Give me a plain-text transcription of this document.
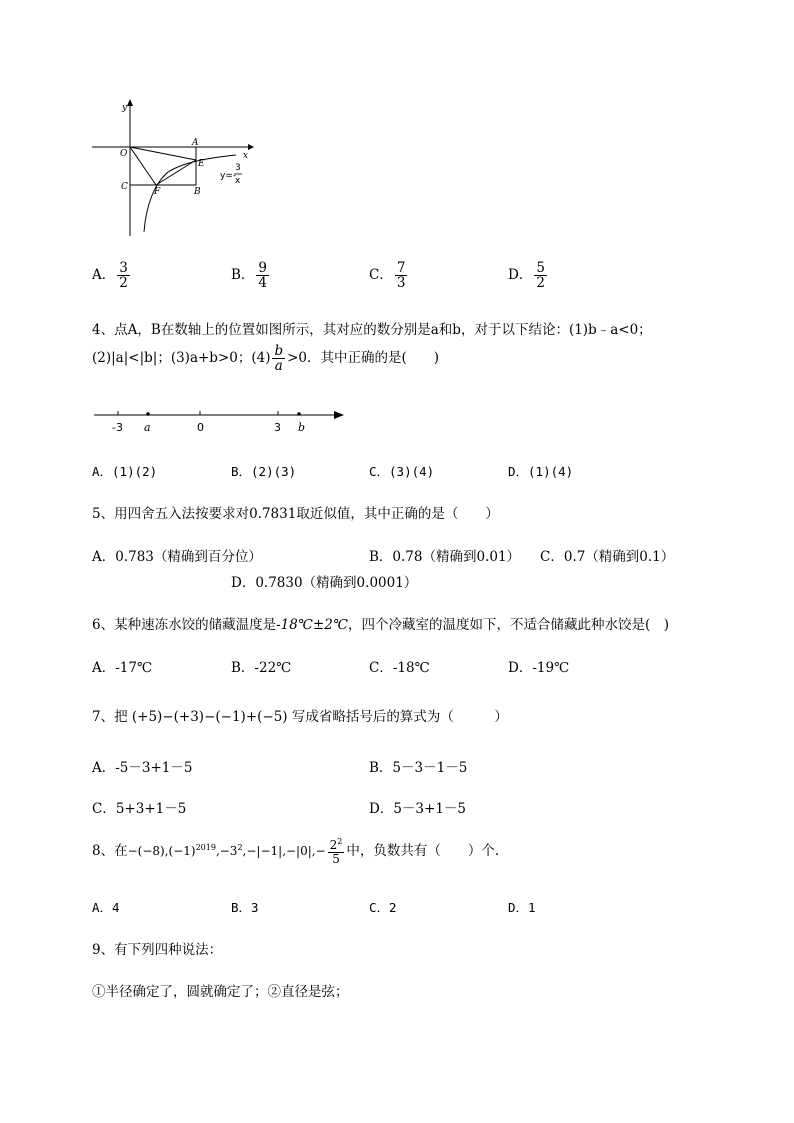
y
x
O
A
E
C	F	B
y=-
3
x
A． $\frac{3}{2}$	B． $\frac{9}{4}$	C． $\frac{7}{3}$	D． $\frac{5}{2}$
4、点A，B在数轴上的位置如图所示，其对应的数分别是a和b，对于以下结论：(1)b﹣a<0；
(2)|a|<|b|；(3)a+b>0；$(4) \frac{b}{a} >0$．其中正确的是(　　)
-3 a	0	3 b
A．(1)(2)	B．(2)(3)	C．(3)(4)	D．(1)(4)
5、用四舍五入法按要求对0.7831取近似值，其中正确的是（　　）
A．0.783（精确到百分位）	B．0.78（精确到0.01） C．0.7（精确到0.1）
D．0.7830（精确到0.0001）
6、某种速冻水饺的储藏温度是-18℃±2℃，四个冷藏室的温度如下，不适合储藏此种水饺是(　)
A．-17℃	B．-22℃	C．-18℃	D．-19℃
7、把 (+5)−(+3)−(−1)+(−5) 写成省略括号后的算式为（　　　）
A．-5－3+1－5	B．5－3－1－5
C．5+3+1－5	D．5－3+1－5
8、在$-(-8),(-1)^{2019},-3^2,-|-1|,-|0|,- \frac{2^2}{5}$ 中，负数共有（　　）个.
A．4	B．3	C．2	D．1
9、有下列四种说法：
①半径确定了，圆就确定了；②直径是弦；
